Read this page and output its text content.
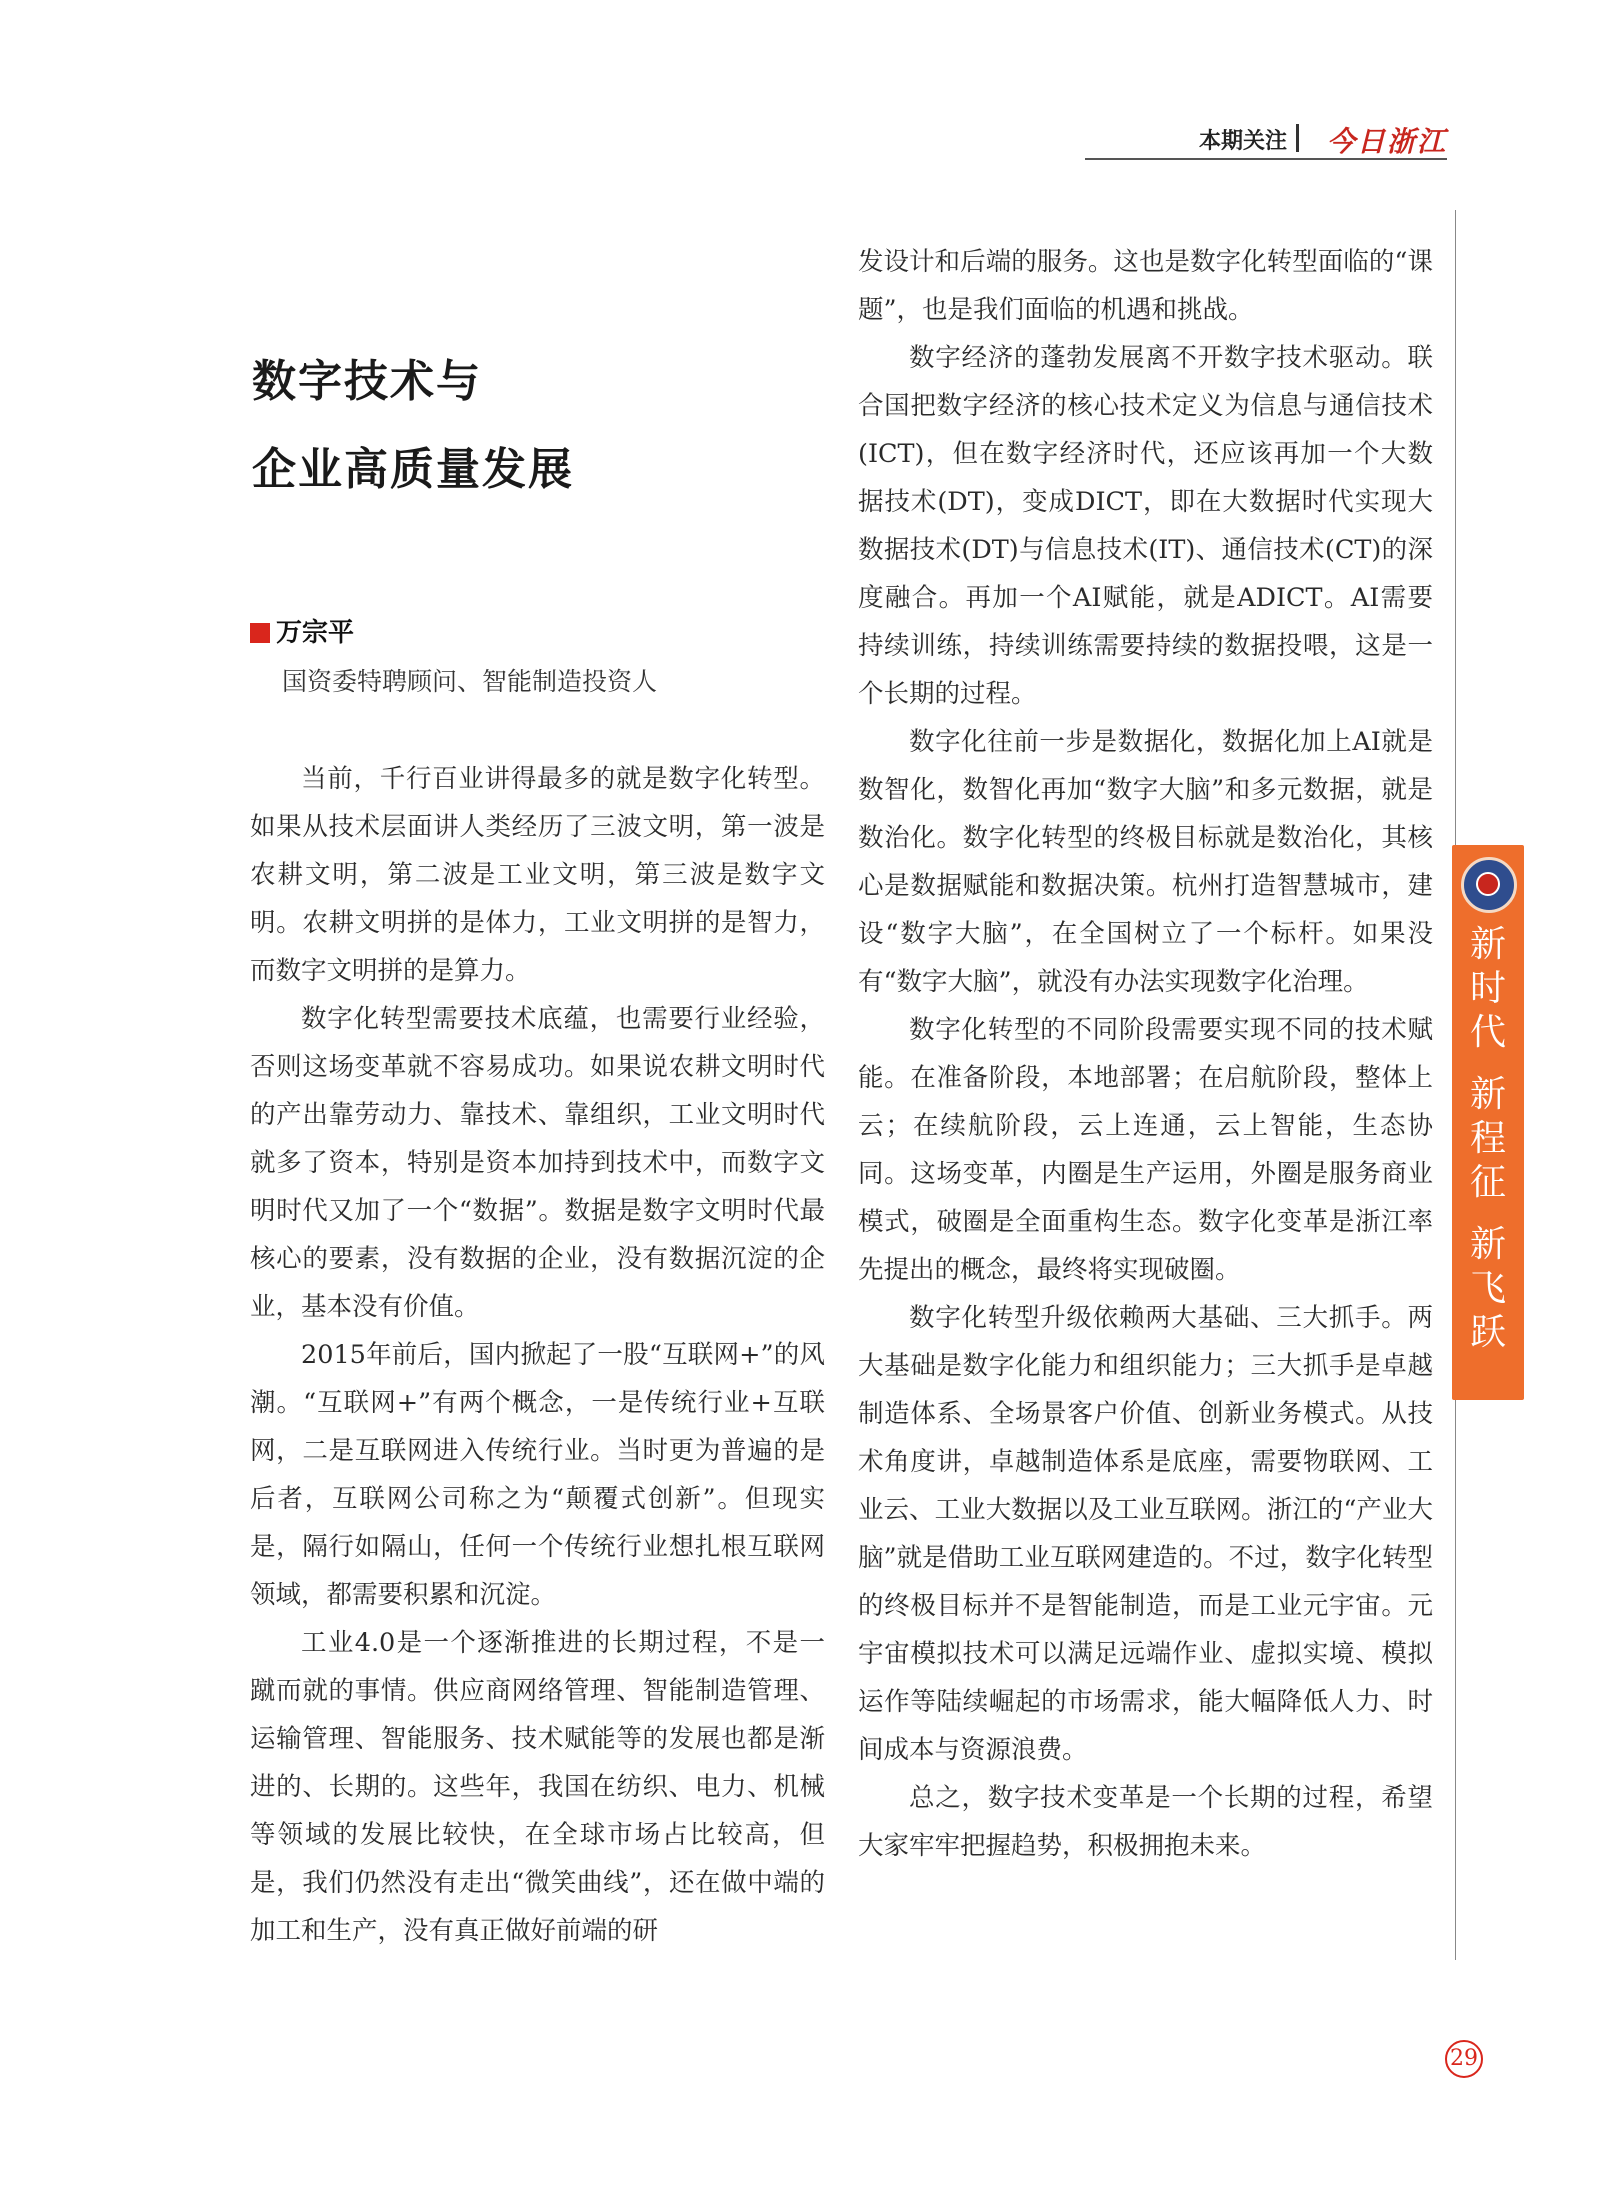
本期关注 今日浙江
数字技术与
企业高质量发展
万宗平
国资委特聘顾问、智能制造投资人

当前，千行百业讲得最多的就是数字化转型。如果从技术层面讲人类经历了三波文明，第一波是农耕文明，第二波是工业文明，第三波是数字文明。农耕文明拼的是体力，工业文明拼的是智力，而数字文明拼的是算力。

数字化转型需要技术底蕴，也需要行业经验，否则这场变革就不容易成功。如果说农耕文明时代的产出靠劳动力、靠技术、靠组织，工业文明时代就多了资本，特别是资本加持到技术中，而数字文明时代又加了一个“数据”。数据是数字文明时代最核心的要素，没有数据的企业，没有数据沉淀的企业，基本没有价值。

2015年前后，国内掀起了一股“互联网+”的风潮。“互联网+”有两个概念，一是传统行业+互联网，二是互联网进入传统行业。当时更为普遍的是后者，互联网公司称之为“颠覆式创新”。但现实是，隔行如隔山，任何一个传统行业想扎根互联网领域，都需要积累和沉淀。

工业4.0是一个逐渐推进的长期过程，不是一蹴而就的事情。供应商网络管理、智能制造管理、运输管理、智能服务、技术赋能等的发展也都是渐进的、长期的。这些年，我国在纺织、电力、机械等领域的发展比较快，在全球市场占比较高，但是，我们仍然没有走出“微笑曲线”，还在做中端的加工和生产，没有真正做好前端的研

发设计和后端的服务。这也是数字化转型面临的“课题”，也是我们面临的机遇和挑战。

数字经济的蓬勃发展离不开数字技术驱动。联合国把数字经济的核心技术定义为信息与通信技术(ICT)，但在数字经济时代，还应该再加一个大数据技术(DT)，变成DICT，即在大数据时代实现大数据技术(DT)与信息技术(IT)、通信技术(CT)的深度融合。再加一个AI赋能，就是ADICT。AI需要持续训练，持续训练需要持续的数据投喂，这是一个长期的过程。

数字化往前一步是数据化，数据化加上AI就是数智化，数智化再加“数字大脑”和多元数据，就是数治化。数字化转型的终极目标就是数治化，其核心是数据赋能和数据决策。杭州打造智慧城市，建设“数字大脑”，在全国树立了一个标杆。如果没有“数字大脑”，就没有办法实现数字化治理。

数字化转型的不同阶段需要实现不同的技术赋能。在准备阶段，本地部署；在启航阶段，整体上云；在续航阶段，云上连通，云上智能，生态协同。这场变革，内圈是生产运用，外圈是服务商业模式，破圈是全面重构生态。数字化变革是浙江率先提出的概念，最终将实现破圈。

数字化转型升级依赖两大基础、三大抓手。两大基础是数字化能力和组织能力；三大抓手是卓越制造体系、全场景客户价值、创新业务模式。从技术角度讲，卓越制造体系是底座，需要物联网、工业云、工业大数据以及工业互联网。浙江的“产业大脑”就是借助工业互联网建造的。不过，数字化转型的终极目标并不是智能制造，而是工业元宇宙。元宇宙模拟技术可以满足远端作业、虚拟实境、模拟运作等陆续崛起的市场需求，能大幅降低人力、时间成本与资源浪费。

总之，数字技术变革是一个长期的过程，希望大家牢牢把握趋势，积极拥抱未来。

新
时
代
新
程
征
新
飞
跃
29
